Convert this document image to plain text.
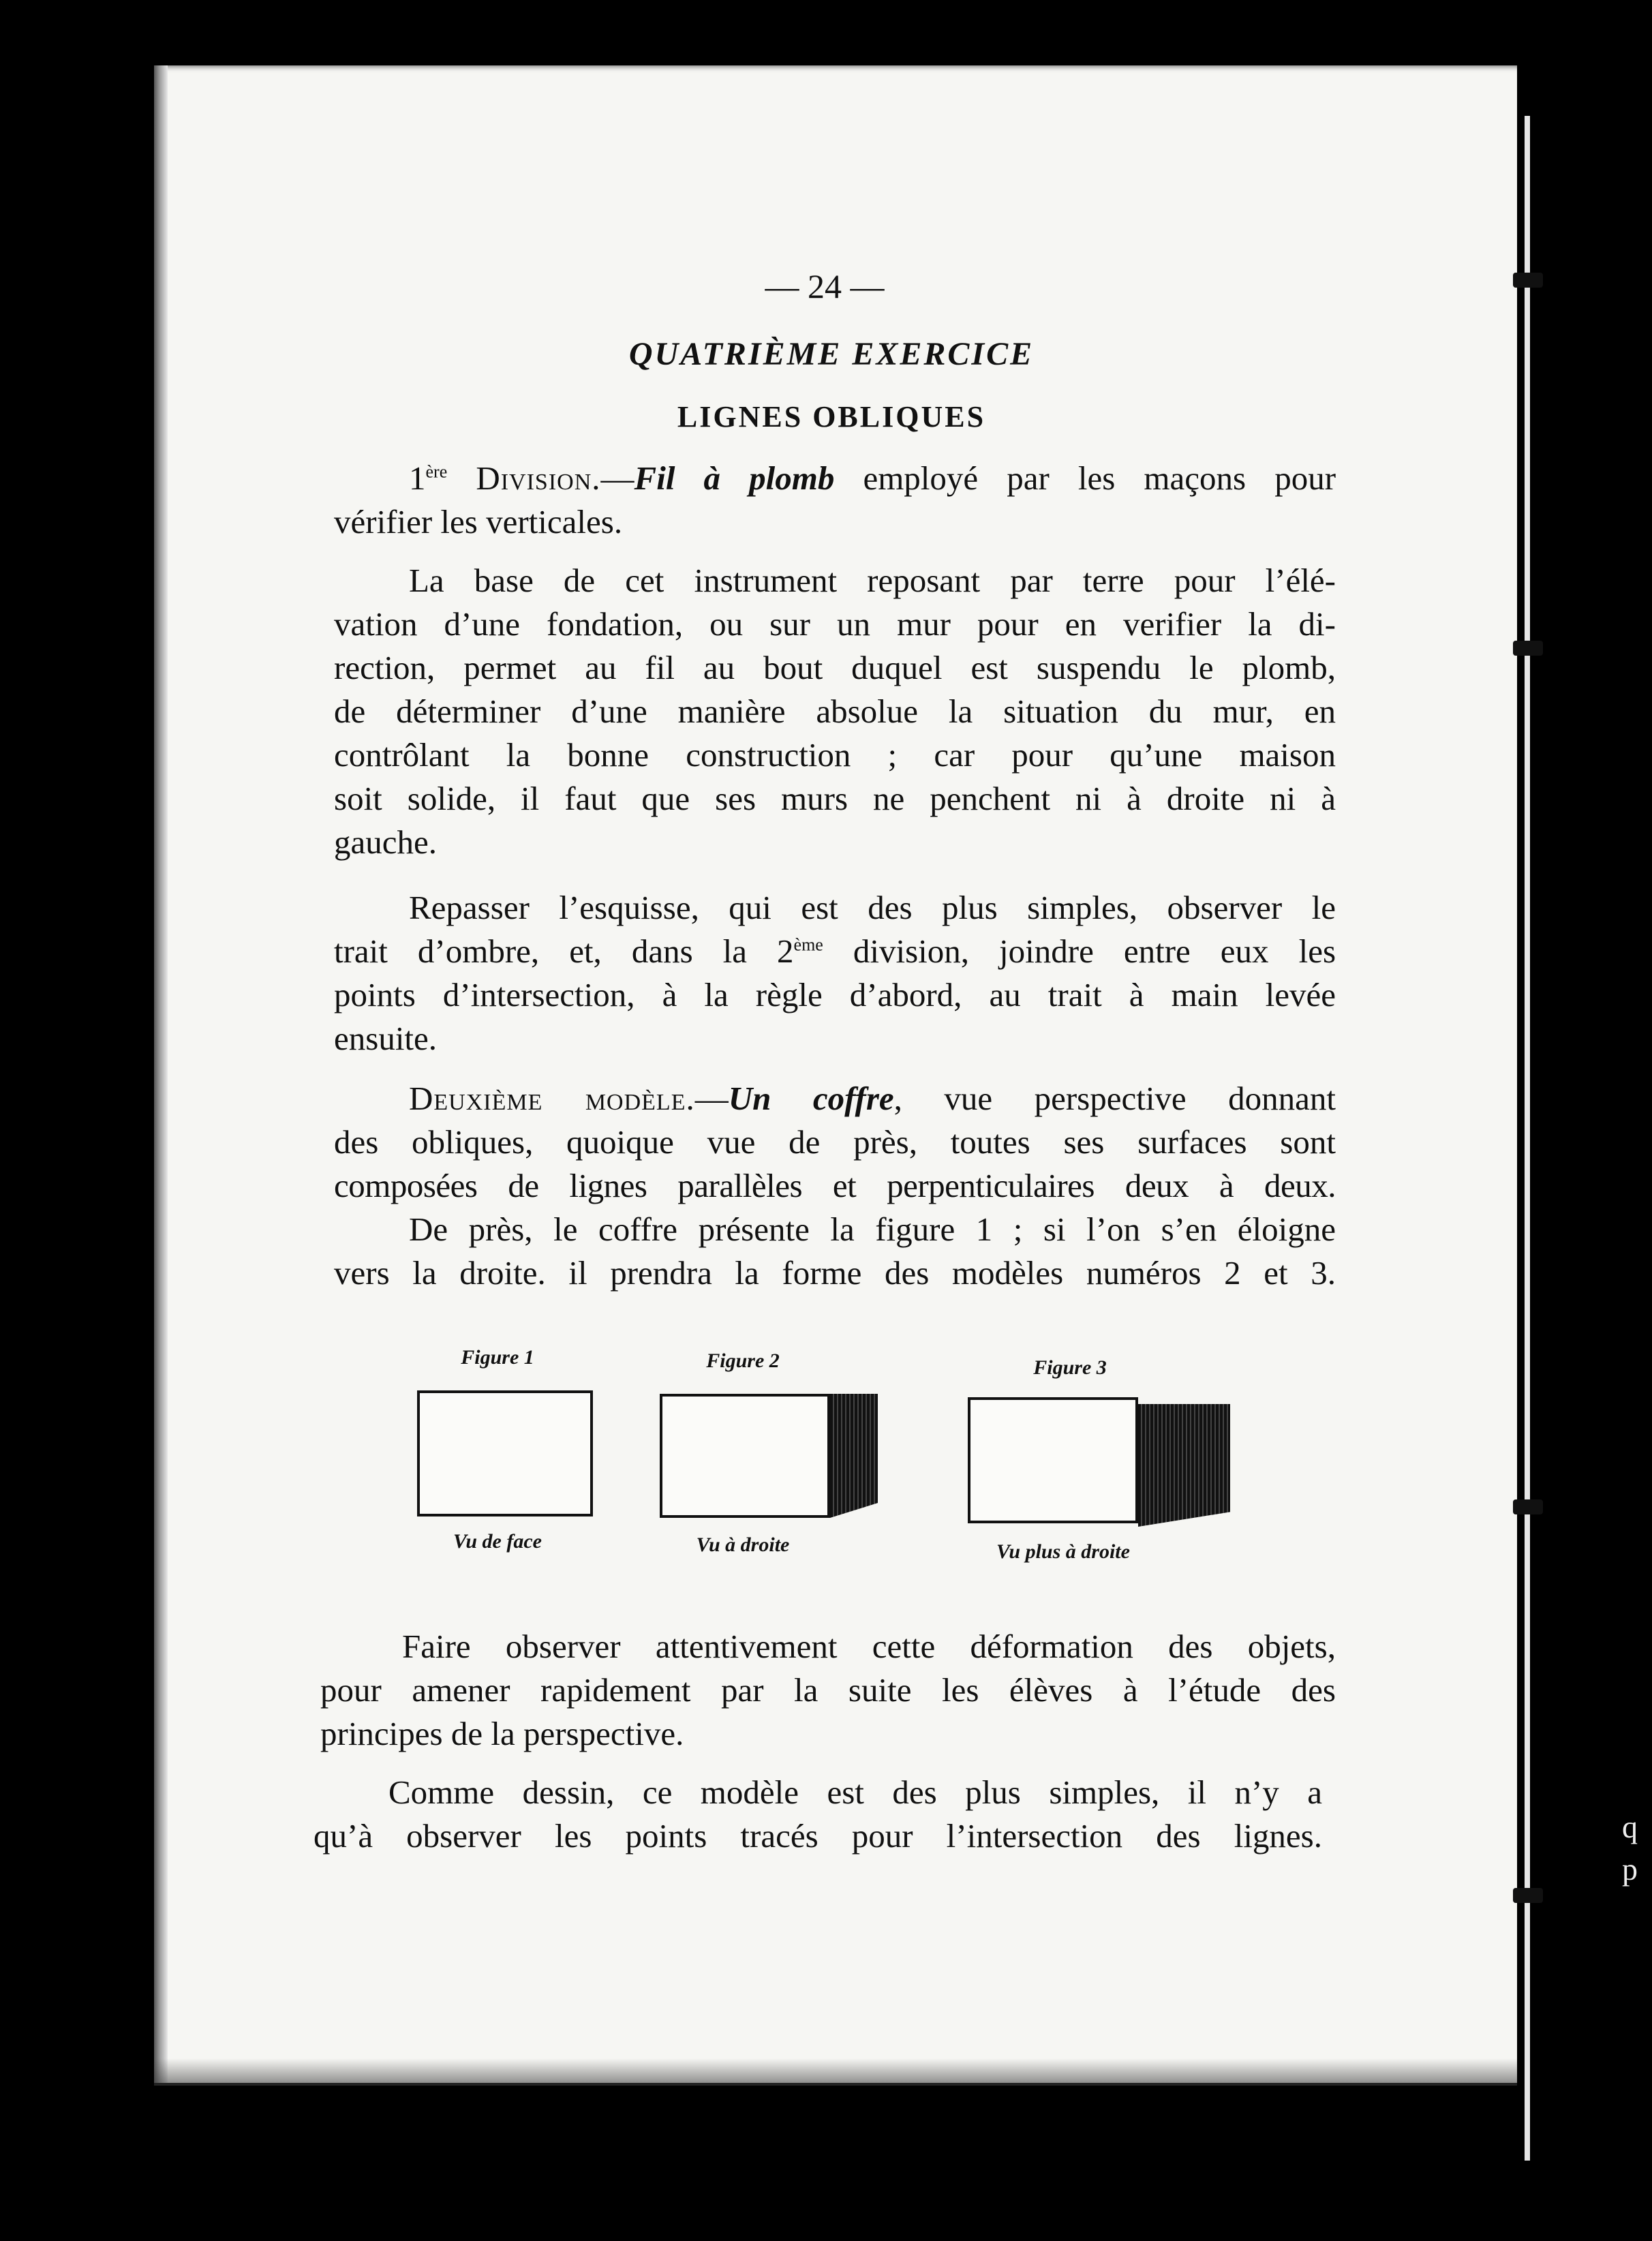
q
p
— 24 —
QUATRIÈME EXERCICE
LIGNES OBLIQUES
1ère Division.—Fil à plomb employé par les maçons pour
vérifier les verticales.
La base de cet instrument reposant par terre pour l’élé-
vation d’une fondation, ou sur un mur pour en verifier la di-
rection, permet au fil au bout duquel est suspendu le plomb,
de déterminer d’une manière absolue la situation du mur, en
contrôlant la bonne construction ; car pour qu’une maison
soit solide, il faut que ses murs ne penchent ni à droite ni à
gauche.
Repasser l’esquisse, qui est des plus simples, observer le
trait d’ombre, et, dans la 2ème division, joindre entre eux les
points d’intersection, à la règle d’abord, au trait à main levée
ensuite.
Deuxième modèle.—Un coffre, vue perspective donnant
des obliques, quoique vue de près, toutes ses surfaces sont
composées de lignes parallèles et perpenticulaires deux à deux.
De près, le coffre présente la figure 1 ; si l’on s’en éloigne
vers la droite. il prendra la forme des modèles numéros 2 et 3.
Figure 1
Vu de face
Figure 2
Vu à droite
Figure 3
Vu plus à droite
Faire observer attentivement cette déformation des objets,
pour amener rapidement par la suite les élèves à l’étude des
principes de la perspective.
Comme dessin, ce modèle est des plus simples, il n’y a
qu’à observer les points tracés pour l’intersection des lignes.
